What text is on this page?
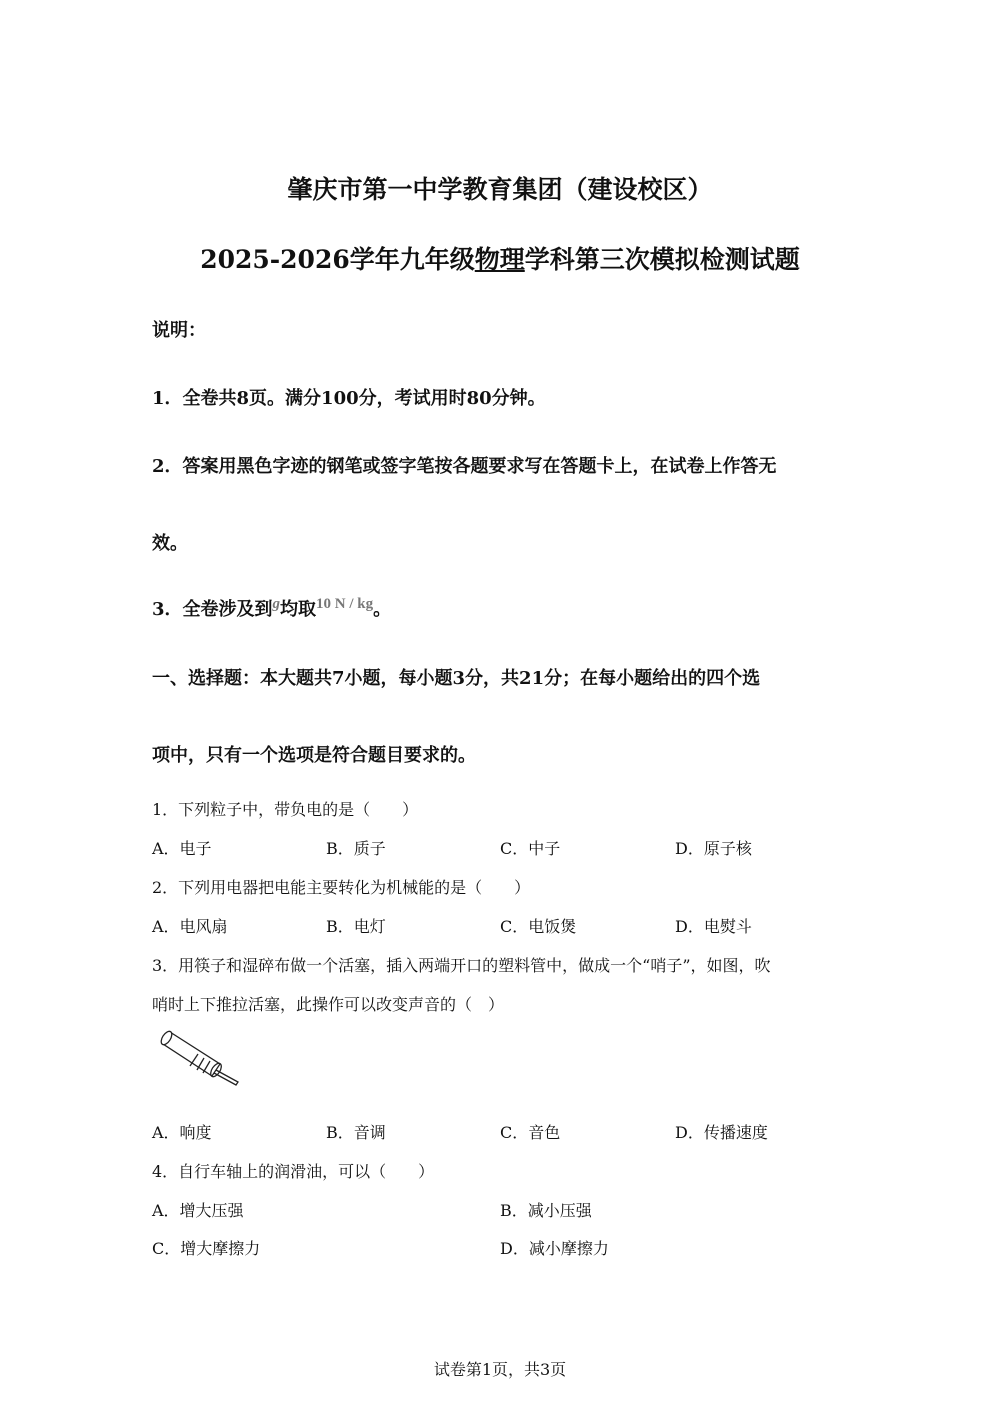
肇庆市第一中学教育集团（建设校区）
2025-2026学年九年级物理学科第三次模拟检测试题
说明：
1．全卷共8页。满分100分，考试用时80分钟。
2．答案用黑色字迹的钢笔或签字笔按各题要求写在答题卡上，在试卷上作答无
效。
3．全卷涉及到$^g$均取$^{10 N / kg}$。
一、选择题：本大题共7小题，每小题3分，共21分；在每小题给出的四个选
项中，只有一个选项是符合题目要求的。
1．下列粒子中，带负电的是（　　）
A．电子	B．质子	C．中子	D．原子核
2．下列用电器把电能主要转化为机械能的是（　　）
A．电风扇	B．电灯	C．电饭煲	D．电熨斗
3．用筷子和湿碎布做一个活塞，插入两端开口的塑料管中，做成一个“哨子”，如图，吹
哨时上下推拉活塞，此操作可以改变声音的（　）
A．响度	B．音调	C．音色	D．传播速度
4．自行车轴上的润滑油，可以（　　）
A．增大压强	B．减小压强
C．增大摩擦力	D．减小摩擦力
试卷第1页，共3页
